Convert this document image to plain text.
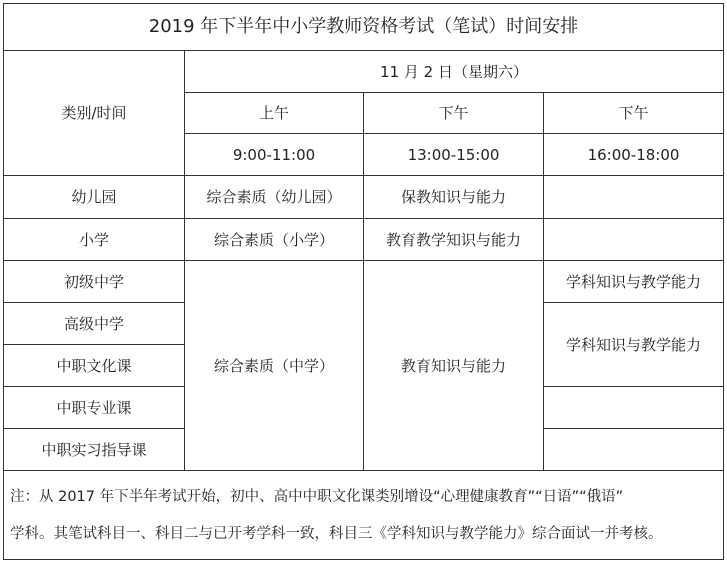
2019 年下半年中小学教师资格考试（笔试）时间安排			
类别/时间	11 月 2 日（星期六）		
	上午	下午	下午
	9:00-11:00	13:00-15:00	16:00-18:00
幼儿园	综合素质（幼儿园）	保教知识与能力	
小学	综合素质（小学）	教育教学知识与能力	
初级中学	综合素质（中学）	教育知识与能力	学科知识与教学能力
高级中学			学科知识与教学能力
中职文化课			
中职专业课			
中职实习指导课			

注：从 2017 年下半年考试开始，初中、高中中职文化课类别增设“心理健康教育”“日语”“俄语”
学科。其笔试科目一、科目二与已开考学科一致，科目三《学科知识与教学能力》综合面试一并考核。			
